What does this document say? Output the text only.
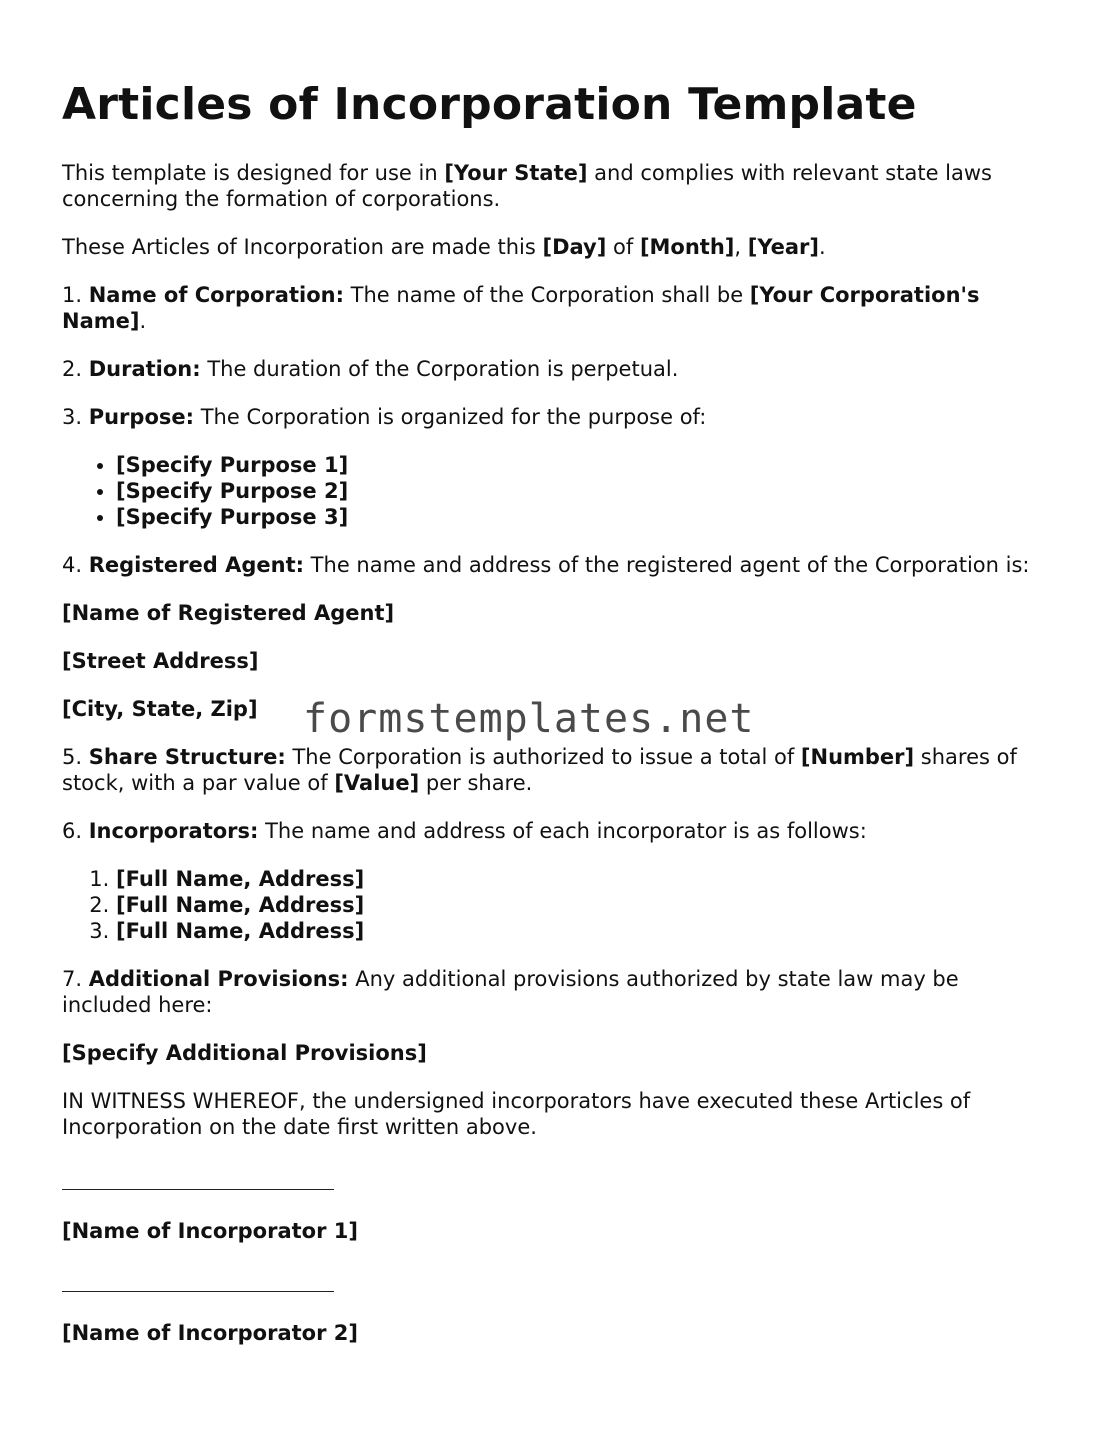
Articles of Incorporation Template

This template is designed for use in [Your State] and complies with relevant state laws concerning the formation of corporations.

These Articles of Incorporation are made this [Day] of [Month], [Year].

1. Name of Corporation: The name of the Corporation shall be [Your Corporation's Name].

2. Duration: The duration of the Corporation is perpetual.

3. Purpose: The Corporation is organized for the purpose of:

• [Specify Purpose 1]
• [Specify Purpose 2]
• [Specify Purpose 3]

4. Registered Agent: The name and address of the registered agent of the Corporation is:

[Name of Registered Agent]

[Street Address]

[City, State, Zip]

5. Share Structure: The Corporation is authorized to issue a total of [Number] shares of stock, with a par value of [Value] per share.

6. Incorporators: The name and address of each incorporator is as follows:

1. [Full Name, Address]
2. [Full Name, Address]
3. [Full Name, Address]

7. Additional Provisions: Any additional provisions authorized by state law may be included here:

[Specify Additional Provisions]

IN WITNESS WHEREOF, the undersigned incorporators have executed these Articles of Incorporation on the date first written above.

[Name of Incorporator 1]

[Name of Incorporator 2]

formstemplates.net
